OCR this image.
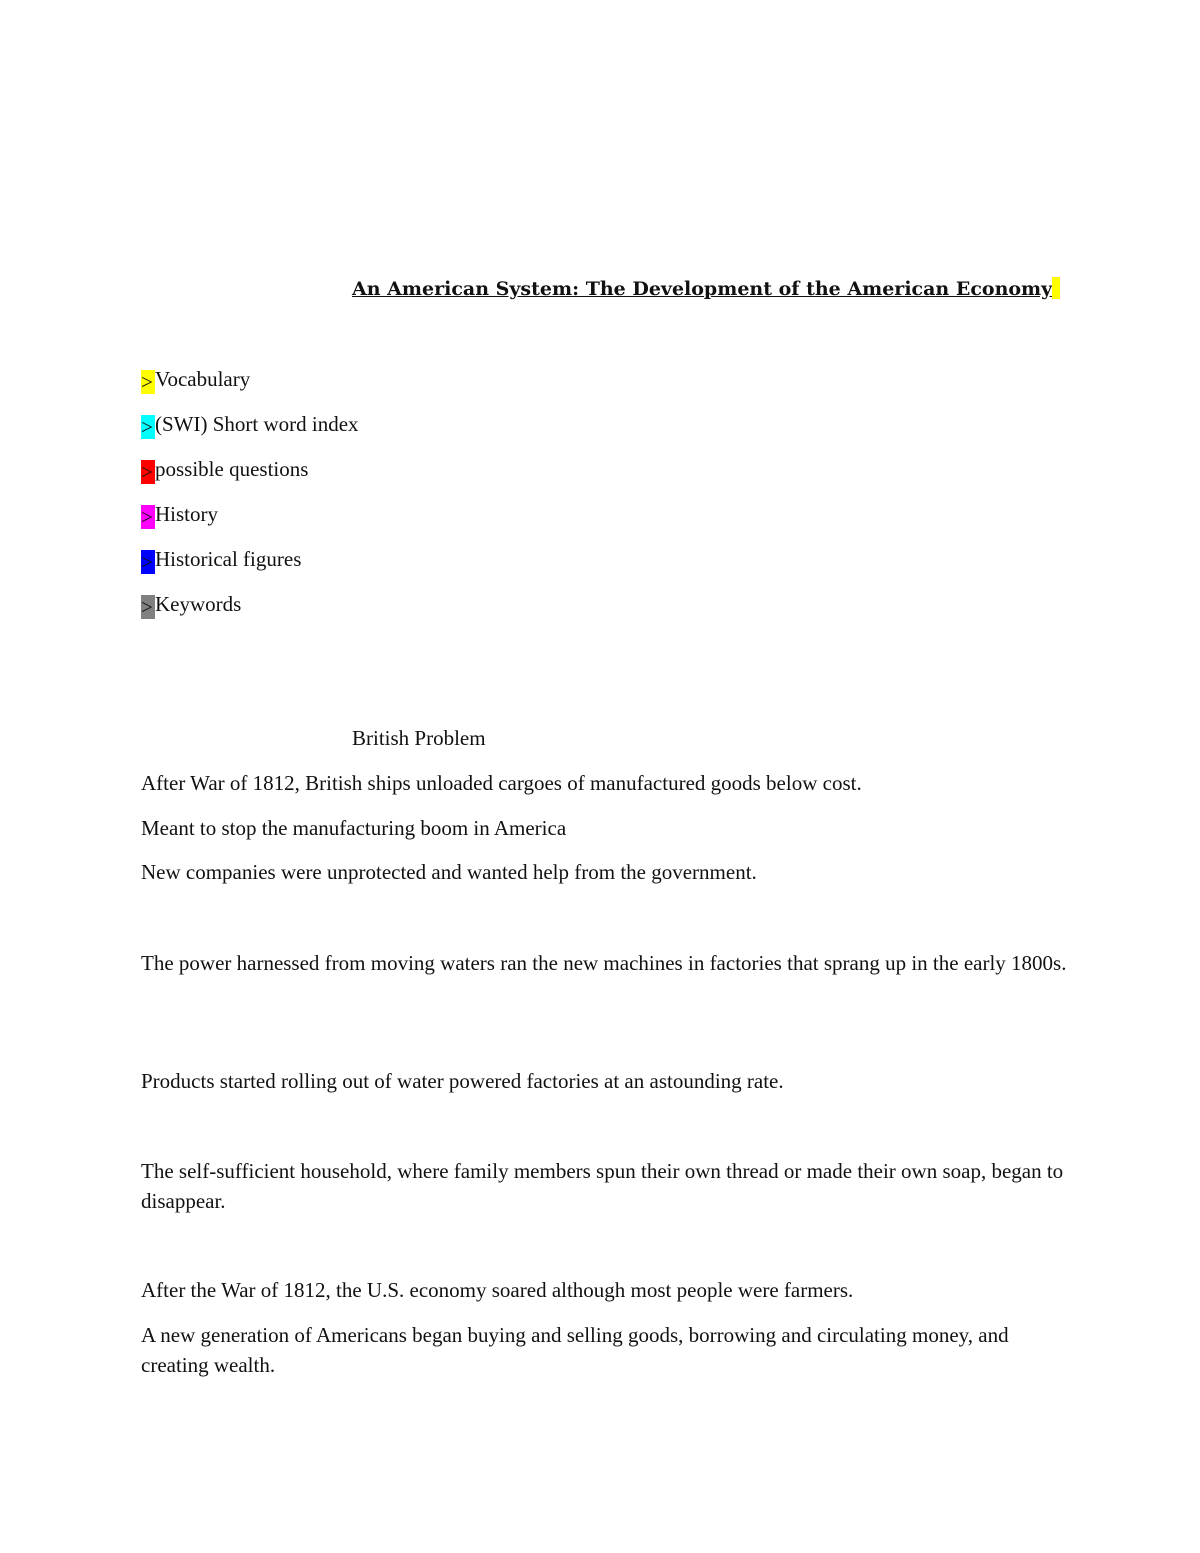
An American System: The Development of the American Economy
> Vocabulary
> (SWI) Short word index
> possible questions
> History
> Historical figures
> Keywords
British Problem
After War of 1812, British ships unloaded cargoes of manufactured goods below cost.
Meant to stop the manufacturing boom in America
New companies were unprotected and wanted help from the government.
The power harnessed from moving waters ran the new machines in factories that sprang up in the early 1800s.
Products started rolling out of water powered factories at an astounding rate.
The self-sufficient household, where family members spun their own thread or made their own soap, began to disappear.
After the War of 1812, the U.S. economy soared although most people were farmers.
A new generation of Americans began buying and selling goods, borrowing and circulating money, and creating wealth.
